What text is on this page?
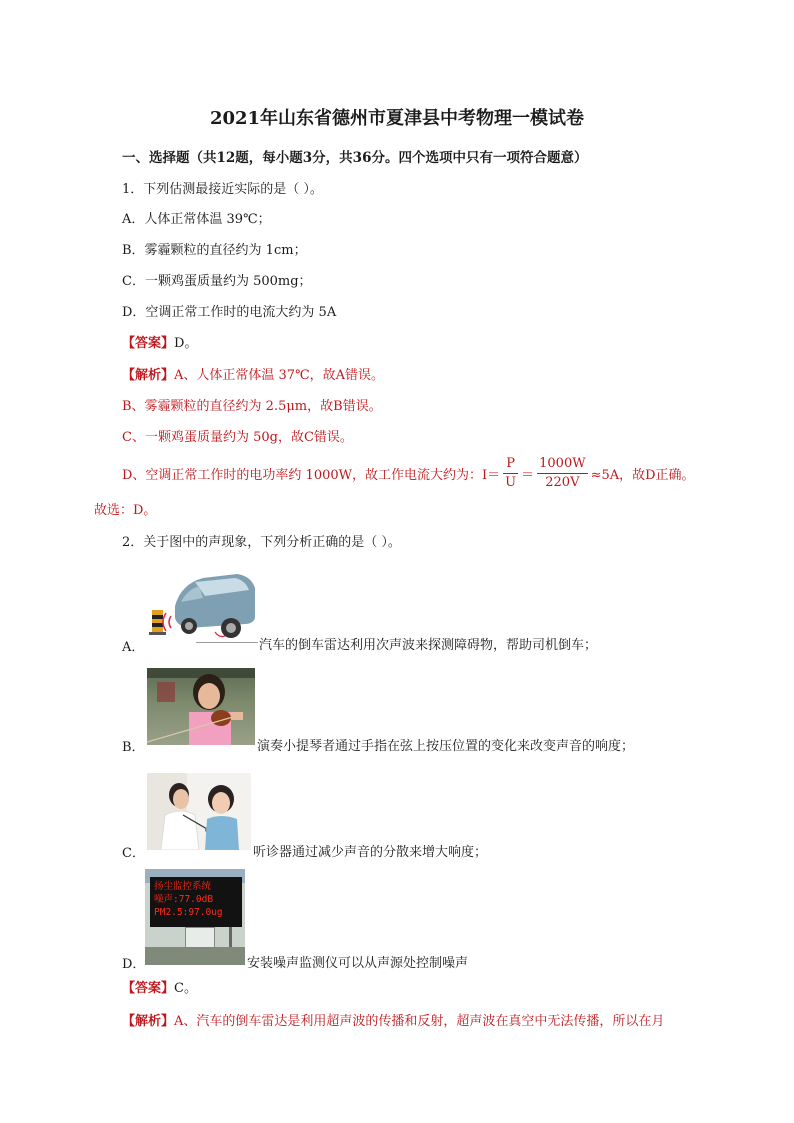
2021年山东省德州市夏津县中考物理一模试卷
一、选择题（共12题，每小题3分，共36分。四个选项中只有一项符合题意）
1．下列估测最接近实际的是（ ）。
A．人体正常体温 39℃；
B．雾霾颗粒的直径约为 1cm；
C．一颗鸡蛋质量约为 500mg；
D．空调正常工作时的电流大约为 5A
【答案】D。
【解析】A、人体正常体温 37℃，故A错误。
B、雾霾颗粒的直径约为 2.5μm，故B错误。
C、一颗鸡蛋质量约为 50g，故C错误。
D、空调正常工作时的电功率约 1000W，故工作电流大约为：$I= \frac{P}{U} = \frac{1000W}{220V} \approx 5A$，故D正确。
故选：D。
2．关于图中的声现象，下列分析正确的是（ ）。
A．	汽车的倒车雷达利用次声波来探测障碍物，帮助司机倒车；
B．	演奏小提琴者通过手指在弦上按压位置的变化来改变声音的响度；
C．	听诊器通过减少声音的分散来增大响度；
扬尘监控系统
噪声:77.0dB
PM2.5:97.0ug
D．	安装噪声监测仪可以从声源处控制噪声
【答案】C。
【解析】A、汽车的倒车雷达是利用超声波的传播和反射，超声波在真空中无法传播，所以在月
